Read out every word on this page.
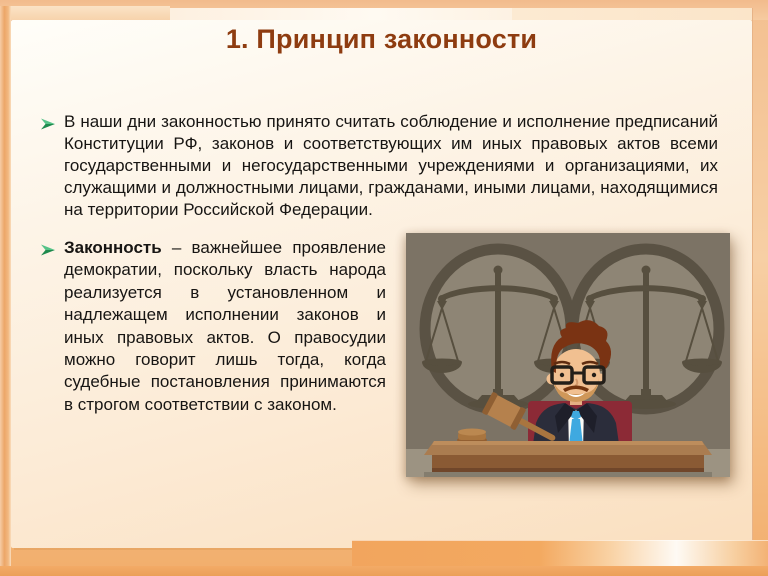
1. Принцип законности
В наши дни законностью принято считать соблюдение и исполнение предписаний Конституции РФ, законов и соответствующих им иных правовых актов всеми государственными и негосударственными учреждениями и организациями, их служащими и должностными лицами, гражданами, иными лицами, находящимися на территории Российской Федерации.
Законность – важнейшее проявление демократии, поскольку власть народа реализуется в установленном и надлежащем исполнении законов и иных правовых актов. О правосудии можно говорит лишь тогда, когда судебные постановления принимаются в строгом соответствии с законом.
